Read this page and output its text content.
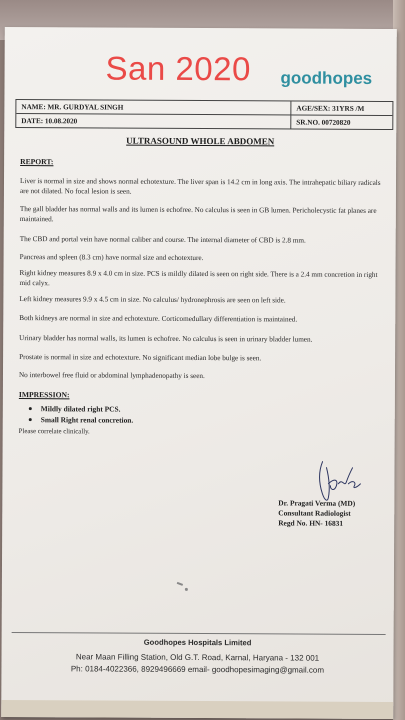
San 2020 goodhopes
NAME: MR. GURDYAL SINGH	AGE/SEX: 31YRS /M
DATE: 10.08.2020	SR.NO. 00720820
ULTRASOUND WHOLE ABDOMEN
REPORT:
Liver is normal in size and shows normal echotexture. The liver span is 14.2 cm in long axis. The intrahepatic biliary radicals are not dilated. No focal lesion is seen.
The gall bladder has normal walls and its lumen is echofree. No calculus is seen in GB lumen. Pericholecystic fat planes are maintained.
The CBD and portal vein have normal caliber and course. The internal diameter of CBD is 2.8 mm.
Pancreas and spleen (8.3 cm) have normal size and echotexture.
Right kidney measures 8.9 x 4.0 cm in size. PCS is mildly dilated is seen on right side. There is a 2.4 mm concretion in right mid calyx.
Left kidney measures 9.9 x 4.5 cm in size. No calculus/ hydronephrosis are seen on left side.
Both kidneys are normal in size and echotexture. Corticomedullary differentiation is maintained.
Urinary bladder has normal walls, its lumen is echofree. No calculus is seen in urinary bladder lumen.
Prostate is normal in size and echotexture. No significant median lobe bulge is seen.
No interbowel free fluid or abdominal lymphadenopathy is seen.
IMPRESSION:
Mildly dilated right PCS.
Small Right renal concretion.
Please correlate clinically.
Dr. Pragati Verma (MD)
Consultant Radiologist
Regd No. HN- 16831
Goodhopes Hospitals Limited
Near Maan Filling Station, Old G.T. Road, Karnal, Haryana - 132 001
Ph: 0184-4022366, 8929496669 email- goodhopesimaging@gmail.com
